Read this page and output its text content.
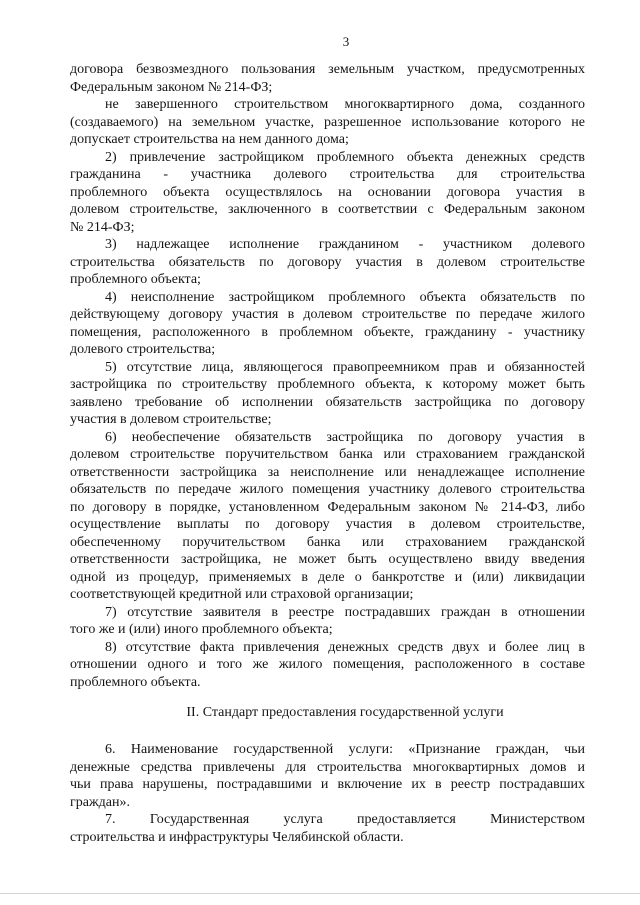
3

договора безвозмездного пользования земельным участком, предусмотренных
Федеральным законом № 214-ФЗ;

не завершенного строительством многоквартирного дома, созданного
(создаваемого) на земельном участке, разрешенное использование которого не
допускает строительства на нем данного дома;

2) привлечение застройщиком проблемного объекта денежных средств
гражданина - участника долевого строительства для строительства
проблемного объекта осуществлялось на основании договора участия в
долевом строительстве, заключенного в соответствии с Федеральным законом
№ 214-ФЗ;

3) надлежащее исполнение гражданином - участником долевого
строительства обязательств по договору участия в долевом строительстве
проблемного объекта;

4) неисполнение застройщиком проблемного объекта обязательств по
действующему договору участия в долевом строительстве по передаче жилого
помещения, расположенного в проблемном объекте, гражданину - участнику
долевого строительства;

5) отсутствие лица, являющегося правопреемником прав и обязанностей
застройщика по строительству проблемного объекта, к которому может быть
заявлено требование об исполнении обязательств застройщика по договору
участия в долевом строительстве;

6) необеспечение обязательств застройщика по договору участия в
долевом строительстве поручительством банка или страхованием гражданской
ответственности застройщика за неисполнение или ненадлежащее исполнение
обязательств по передаче жилого помещения участнику долевого строительства
по договору в порядке, установленном Федеральным законом № 214-ФЗ, либо
осуществление выплаты по договору участия в долевом строительстве,
обеспеченному поручительством банка или страхованием гражданской
ответственности застройщика, не может быть осуществлено ввиду введения
одной из процедур, применяемых в деле о банкротстве и (или) ликвидации
соответствующей кредитной или страховой организации;

7) отсутствие заявителя в реестре пострадавших граждан в отношении
того же и (или) иного проблемного объекта;

8) отсутствие факта привлечения денежных средств двух и более лиц в
отношении одного и того же жилого помещения, расположенного в составе
проблемного объекта.

II. Стандарт предоставления государственной услуги

6. Наименование государственной услуги: «Признание граждан, чьи
денежные средства привлечены для строительства многоквартирных домов и
чьи права нарушены, пострадавшими и включение их в реестр пострадавших
граждан».

7. Государственная услуга предоставляется Министерством
строительства и инфраструктуры Челябинской области.
